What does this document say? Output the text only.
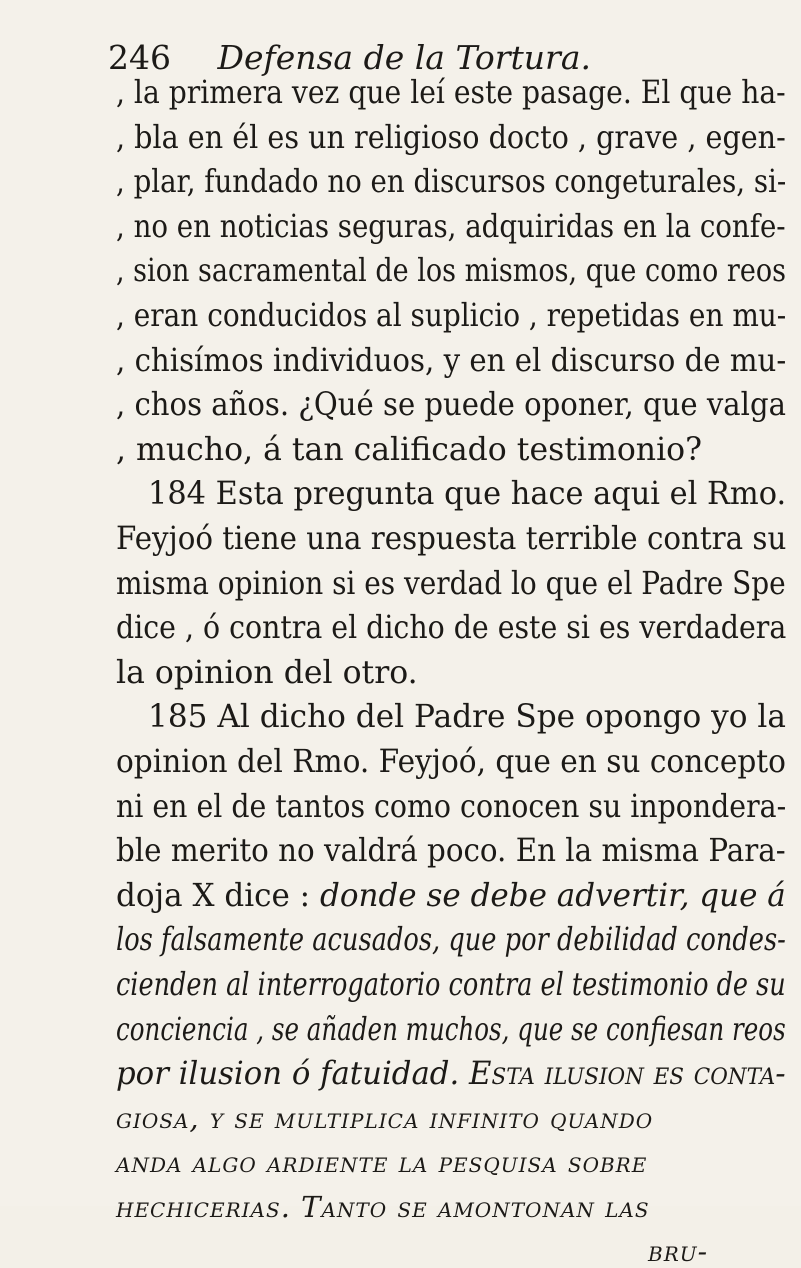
246 Defensa de la Tortura.
, la primera vez que leí este pasage. El que ha-
, bla en él es un religioso docto , grave , egen-
, plar, fundado no en discursos congeturales, si-
, no en noticias seguras, adquiridas en la confe-
, sion sacramental de los mismos, que como reos
, eran conducidos al suplicio , repetidas en mu-
, chisímos individuos, y en el discurso de mu-
, chos años. ¿Qué se puede oponer, que valga
, mucho, á tan calificado testimonio?
184 Esta pregunta que hace aqui el Rmo.
Feyjoó tiene una respuesta terrible contra su
misma opinion si es verdad lo que el Padre Spe
dice , ó contra el dicho de este si es verdadera
la opinion del otro.
185 Al dicho del Padre Spe opongo yo la
opinion del Rmo. Feyjoó, que en su concepto
ni en el de tantos como conocen su inpondera-
ble merito no valdrá poco. En la misma Para-
doja X dice : donde se debe advertir, que á
los falsamente acusados, que por debilidad condes-
cienden al interrogatorio contra el testimonio de su
conciencia , se añaden muchos, que se confiesan reos
por ilusion ó fatuidad. Esta ilusion es conta-
giosa, y se multiplica infinito quando
anda algo ardiente la pesquisa sobre
hechicerias. Tanto se amontonan las
bru-
